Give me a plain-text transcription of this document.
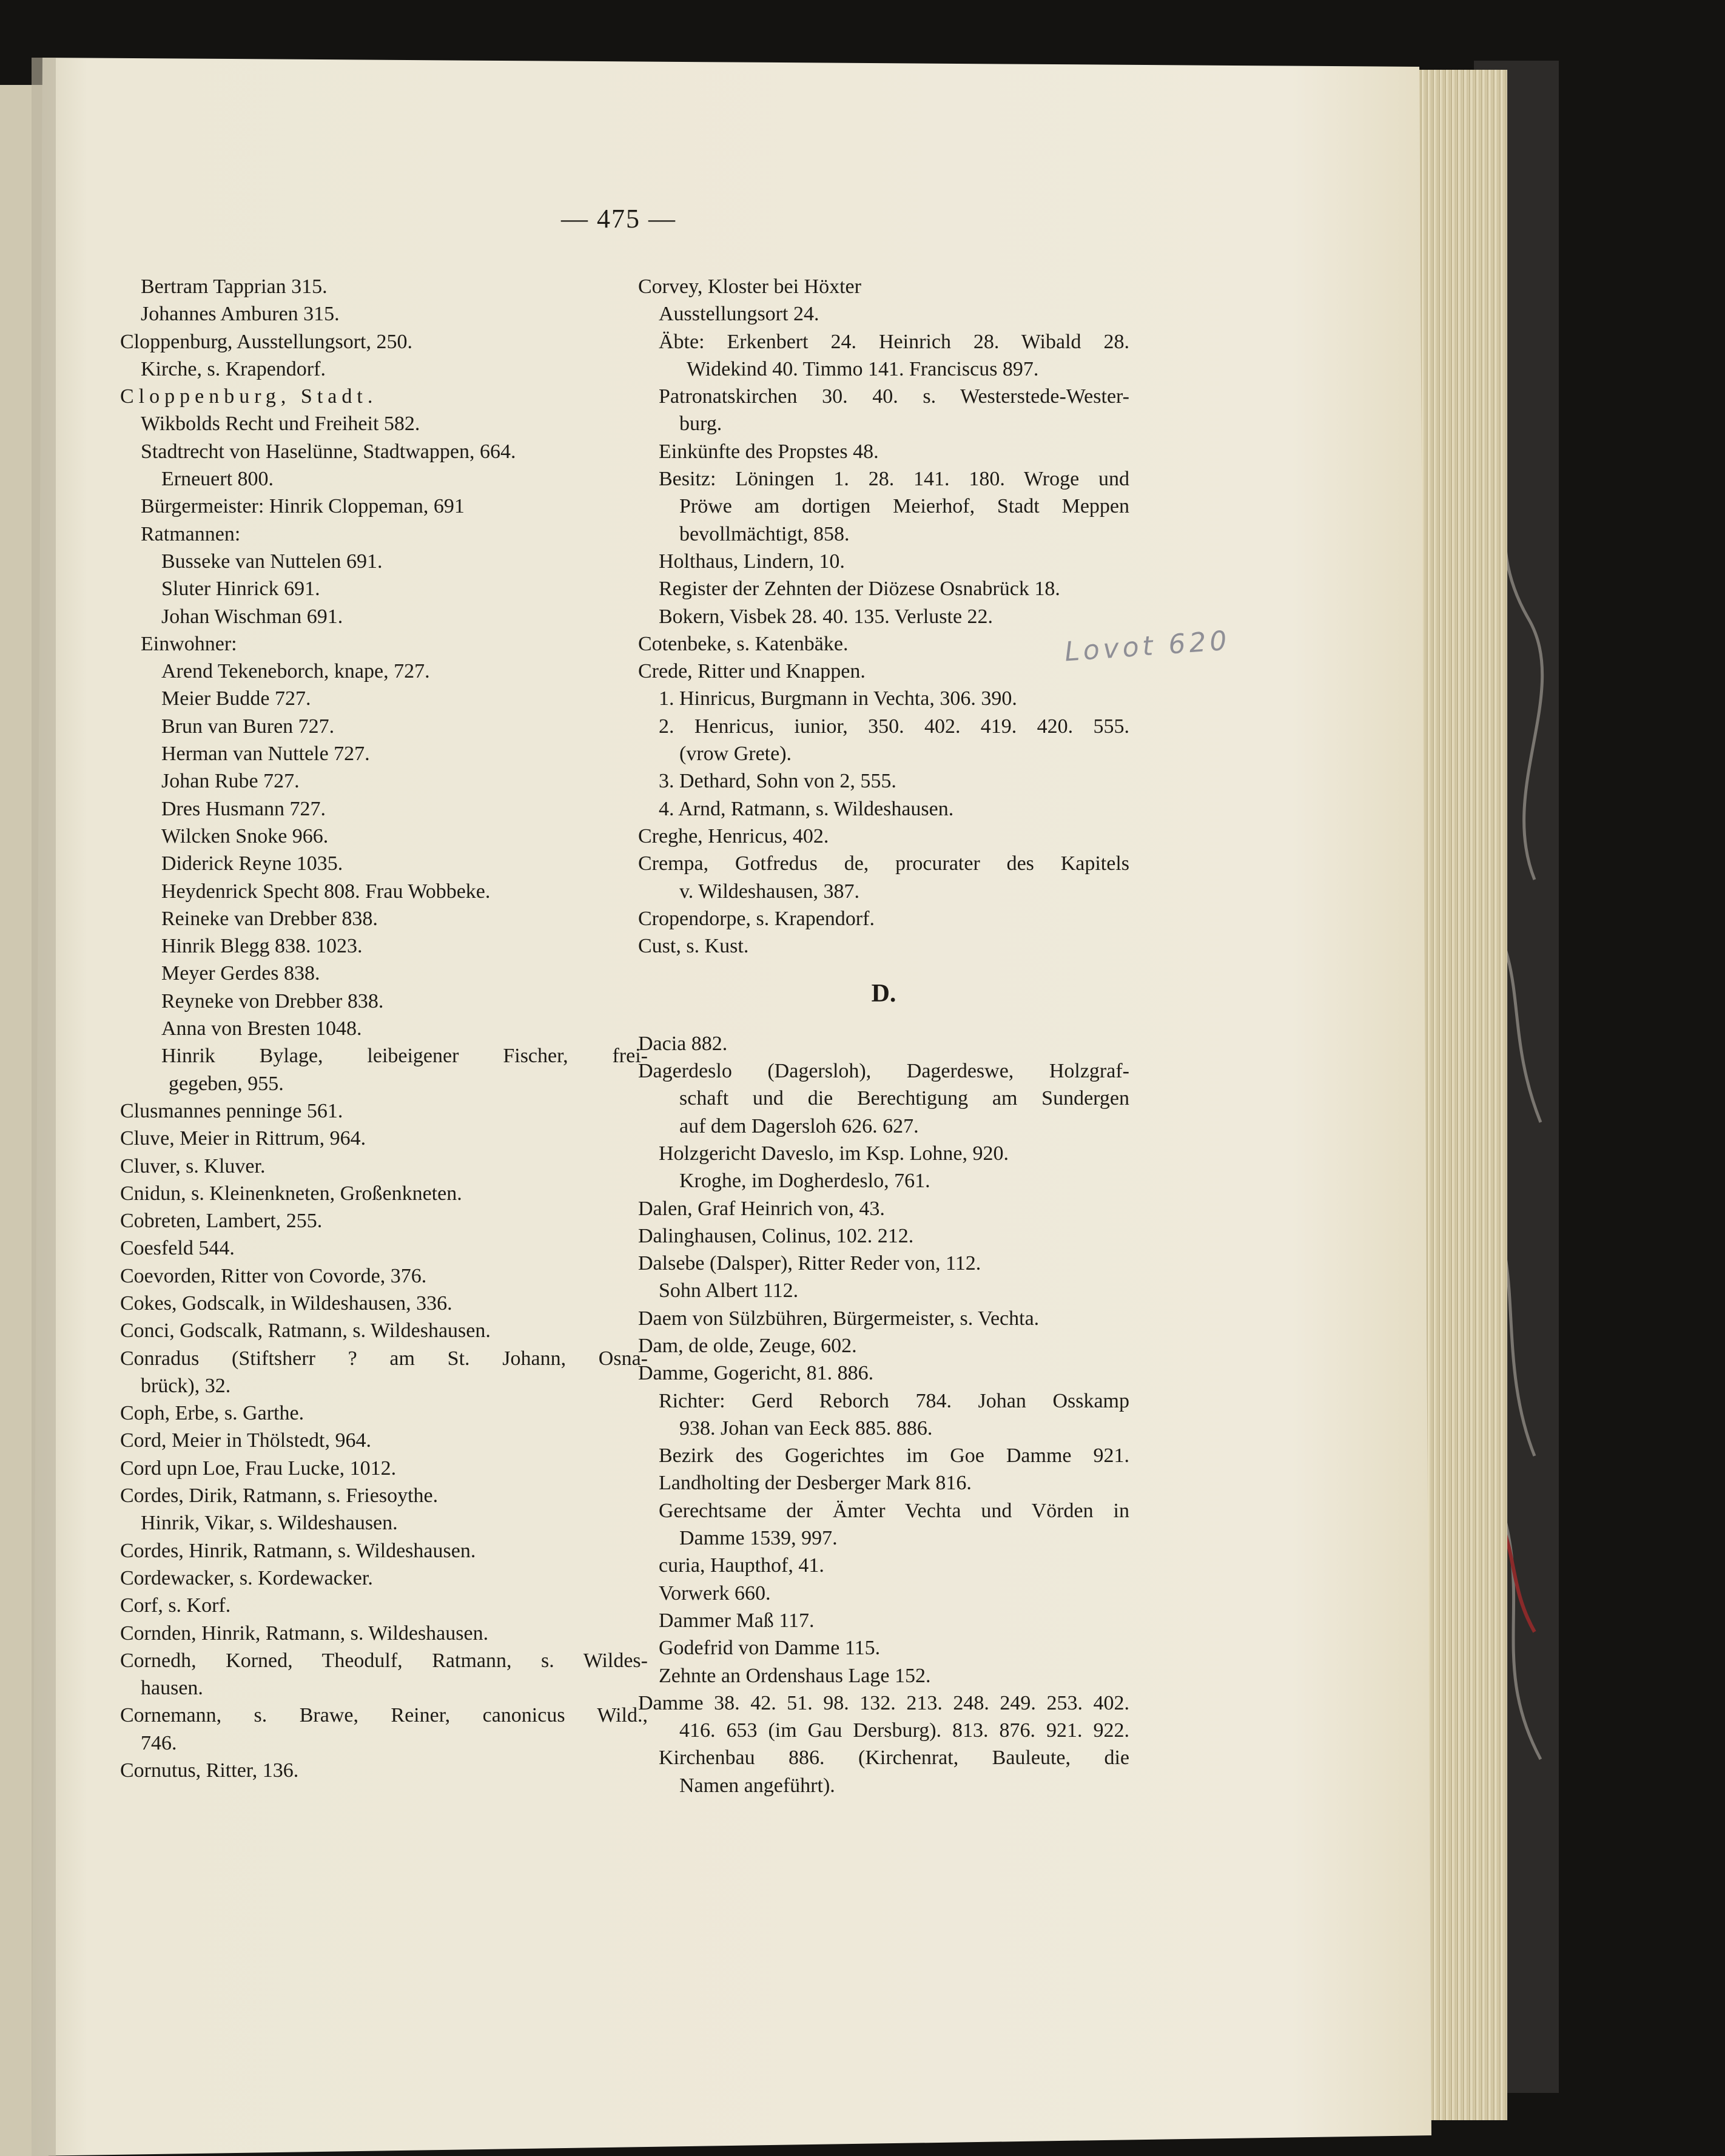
— 475 —
Bertram Tapprian 315.
Johannes Amburen 315.
Cloppenburg, Ausstellungsort, 250.
Kirche, s. Krapendorf.
Cloppenburg, Stadt.
Wikbolds Recht und Freiheit 582.
Stadtrecht von Haselünne, Stadtwappen, 664.
Erneuert 800.
Bürgermeister: Hinrik Cloppeman, 691
Ratmannen:
Busseke van Nuttelen 691.
Sluter Hinrick 691.
Johan Wischman 691.
Einwohner:
Arend Tekeneborch, knape, 727.
Meier Budde 727.
Brun van Buren 727.
Herman van Nuttele 727.
Johan Rube 727.
Dres Husmann 727.
Wilcken Snoke 966.
Diderick Reyne 1035.
Heydenrick Specht 808. Frau Wobbeke.
Reineke van Drebber 838.
Hinrik Blegg 838. 1023.
Meyer Gerdes 838.
Reyneke von Drebber 838.
Anna von Bresten 1048.
Hinrik Bylage, leibeigener Fischer, frei-
gegeben, 955.
Clusmannes penninge 561.
Cluve, Meier in Rittrum, 964.
Cluver, s. Kluver.
Cnidun, s. Kleinenkneten, Großenkneten.
Cobreten, Lambert, 255.
Coesfeld 544.
Coevorden, Ritter von Covorde, 376.
Cokes, Godscalk, in Wildeshausen, 336.
Conci, Godscalk, Ratmann, s. Wildeshausen.
Conradus (Stiftsherr ? am St. Johann, Osna-
brück), 32.
Coph, Erbe, s. Garthe.
Cord, Meier in Thölstedt, 964.
Cord upn Loe, Frau Lucke, 1012.
Cordes, Dirik, Ratmann, s. Friesoythe.
Hinrik, Vikar, s. Wildeshausen.
Cordes, Hinrik, Ratmann, s. Wildeshausen.
Cordewacker, s. Kordewacker.
Corf, s. Korf.
Cornden, Hinrik, Ratmann, s. Wildeshausen.
Cornedh, Korned, Theodulf, Ratmann, s. Wildes-
hausen.
Cornemann, s. Brawe, Reiner, canonicus Wild.,
746.
Cornutus, Ritter, 136.
Corvey, Kloster bei Höxter
Ausstellungsort 24.
Äbte: Erkenbert 24. Heinrich 28. Wibald 28.
Widekind 40. Timmo 141. Franciscus 897.
Patronatskirchen 30. 40. s. Westerstede-Wester-
burg.
Einkünfte des Propstes 48.
Besitz: Löningen 1. 28. 141. 180. Wroge und
Pröwe am dortigen Meierhof, Stadt Meppen
bevollmächtigt, 858.
Holthaus, Lindern, 10.
Register der Zehnten der Diözese Osnabrück 18.
Bokern, Visbek 28. 40. 135. Verluste 22.
Cotenbeke, s. Katenbäke.
Crede, Ritter und Knappen.
1. Hinricus, Burgmann in Vechta, 306. 390.
2. Henricus, iunior, 350. 402. 419. 420. 555.
(vrow Grete).
3. Dethard, Sohn von 2, 555.
4. Arnd, Ratmann, s. Wildeshausen.
Creghe, Henricus, 402.
Crempa, Gotfredus de, procurater des Kapitels
v. Wildeshausen, 387.
Cropendorpe, s. Krapendorf.
Cust, s. Kust.
D.
Dacia 882.
Dagerdeslo (Dagersloh), Dagerdeswe, Holzgraf-
schaft und die Berechtigung am Sundergen
auf dem Dagersloh 626. 627.
Holzgericht Daveslo, im Ksp. Lohne, 920.
Kroghe, im Dogherdeslo, 761.
Dalen, Graf Heinrich von, 43.
Dalinghausen, Colinus, 102. 212.
Dalsebe (Dalsper), Ritter Reder von, 112.
Sohn Albert 112.
Daem von Sülzbühren, Bürgermeister, s. Vechta.
Dam, de olde, Zeuge, 602.
Damme, Gogericht, 81. 886.
Richter: Gerd Reborch 784. Johan Osskamp
938. Johan van Eeck 885. 886.
Bezirk des Gogerichtes im Goe Damme 921.
Landholting der Desberger Mark 816.
Gerechtsame der Ämter Vechta und Vörden in
Damme 1539, 997.
curia, Haupthof, 41.
Vorwerk 660.
Dammer Maß 117.
Godefrid von Damme 115.
Zehnte an Ordenshaus Lage 152.
Damme 38. 42. 51. 98. 132. 213. 248. 249. 253. 402.
416. 653 (im Gau Dersburg). 813. 876. 921. 922.
Kirchenbau 886. (Kirchenrat, Bauleute, die
Namen angeführt).
Lovot 620
